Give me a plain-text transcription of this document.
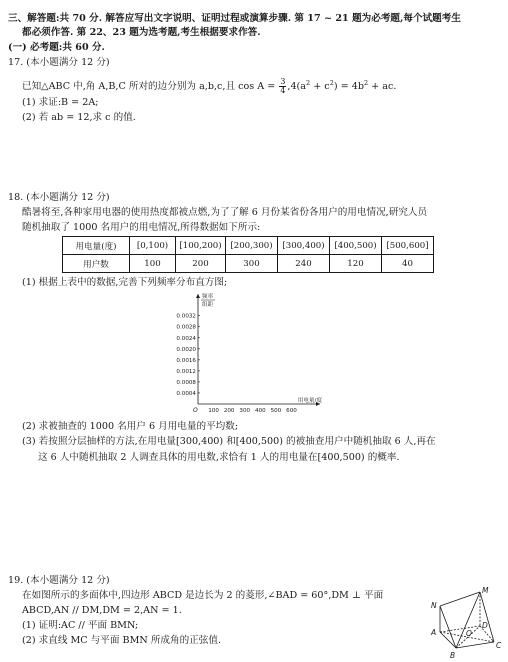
三、解答题:共 70 分. 解答应写出文字说明、证明过程或演算步骤. 第 17 ~ 21 题为必考题,每个试题考生

都必须作答. 第 22、23 题为选考题,考生根据要求作答.

(一) 必考题:共 60 分.

17. (本小题满分 12 分)

已知△ABC 中,角 A,B,C 所对的边分别为 a,b,c,且 $\cos A = \frac{3}{4} ,4(a^2 + c^2) = 4b^2$ + ac.

(1) 求证:B = 2A;

(2) 若 ab = 12,求 c 的值.

18. (本小题满分 12 分)

酷暑将至,各种家用电器的使用热度都被点燃,为了了解 6 月份某省份各用户的用电情况,研究人员

随机抽取了 1000 名用户的用电情况,所得数据如下所示:

用电量(度)	[0,100)	[100,200)	[200,300)	[300,400)	[400,500)	[500,600]
用户数	100	200	300	240	120	40

(1) 根据上表中的数据,完善下列频率分布直方图;

0.0004
0.0008
0.0012
0.0016
0.0020
0.0024
0.0028
0.0032
100 200 300 400 500 600
O
频率
组距
用电量/度

(2) 求被抽查的 1000 名用户 6 月用电量的平均数;

(3) 若按照分层抽样的方法,在用电量[300,400) 和[400,500) 的被抽查用户中随机抽取 6 人,再在

这 6 人中随机抽取 2 人调查具体的用电数,求恰有 1 人的用电量在[400,500) 的概率.

19. (本小题满分 12 分)

在如图所示的多面体中,四边形 ABCD 是边长为 2 的菱形,∠BAD = 60°,DM ⊥ 平面

ABCD,AN // DM,DM = 2,AN = 1.

(1) 证明:AC // 平面 BMN;

(2) 求直线 MC 与平面 BMN 所成角的正弦值.

M
N
A
B
C
D
O
